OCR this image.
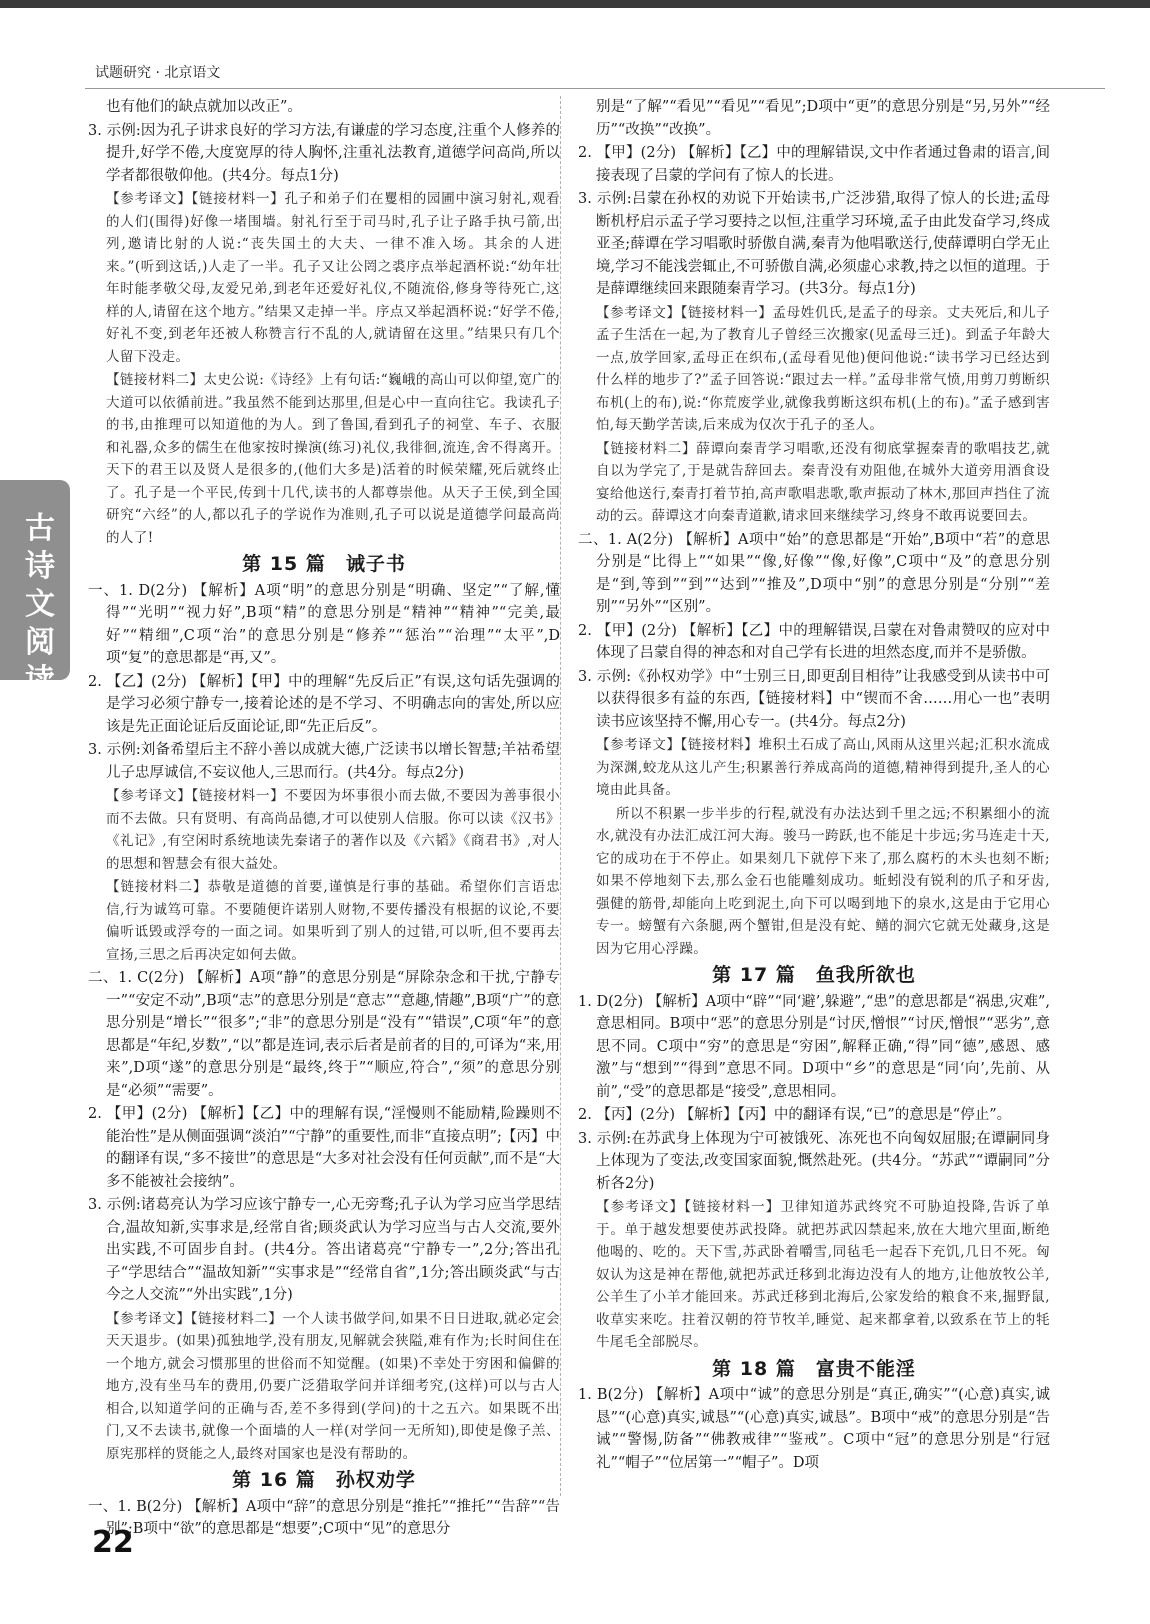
试题研究 · 北京语文
古诗文阅读
也有他们的缺点就加以改正”。
3. 示例:因为孔子讲求良好的学习方法,有谦虚的学习态度,注重个人修养的提升,好学不倦,大度宽厚的待人胸怀,注重礼法教育,道德学问高尚,所以学者都很敬仰他。(共4分。每点1分)
【参考译文】【链接材料一】孔子和弟子们在矍相的园圃中演习射礼,观看的人们(围得)好像一堵围墙。射礼行至于司马时,孔子让子路手执弓箭,出列,邀请比射的人说:“丧失国土的大夫、一律不准入场。其余的人进来。”(听到这话,)人走了一半。孔子又让公罔之裘序点举起酒杯说:“幼年壮年时能孝敬父母,友爱兄弟,到老年还爱好礼仪,不随流俗,修身等待死亡,这样的人,请留在这个地方。”结果又走掉一半。序点又举起酒杯说:“好学不倦,好礼不变,到老年还被人称赞言行不乱的人,就请留在这里。”结果只有几个人留下没走。
【链接材料二】太史公说:《诗经》上有句话:“巍峨的高山可以仰望,宽广的大道可以依循前进。”我虽然不能到达那里,但是心中一直向往它。我读孔子的书,由推理可以知道他的为人。到了鲁国,看到孔子的祠堂、车子、衣服和礼器,众多的儒生在他家按时操演(练习)礼仪,我徘徊,流连,舍不得离开。天下的君王以及贤人是很多的,(他们大多是)活着的时候荣耀,死后就终止了。孔子是一个平民,传到十几代,读书的人都尊崇他。从天子王侯,到全国研究“六经”的人,都以孔子的学说作为准则,孔子可以说是道德学问最高尚的人了!
第 15 篇　诫子书
一、1. D(2分) 【解析】A项“明”的意思分别是“明确、坚定”“了解,懂得”“光明”“视力好”,B项“精”的意思分别是“精神”“精神”“完美,最好”“精细”,C项“治”的意思分别是“修养”“惩治”“治理”“太平”,D项“复”的意思都是“再,又”。
2. 【乙】(2分) 【解析】【甲】中的理解“先反后正”有误,这句话先强调的是学习必须宁静专一,接着论述的是不学习、不明确志向的害处,所以应该是先正面论证后反面论证,即“先正后反”。
3. 示例:刘备希望后主不辞小善以成就大德,广泛读书以增长智慧;羊祜希望儿子忠厚诚信,不妄议他人,三思而行。(共4分。每点2分)
【参考译文】【链接材料一】不要因为坏事很小而去做,不要因为善事很小而不去做。只有贤明、有高尚品德,才可以使别人信服。你可以读《汉书》《礼记》,有空闲时系统地读先秦诸子的著作以及《六韬》《商君书》,对人的思想和智慧会有很大益处。
【链接材料二】恭敬是道德的首要,谨慎是行事的基础。希望你们言语忠信,行为诚笃可靠。不要随便许诺别人财物,不要传播没有根据的议论,不要偏听诋毁或浮夸的一面之词。如果听到了别人的过错,可以听,但不要再去宣扬,三思之后再决定如何去做。
二、1. C(2分) 【解析】A项“静”的意思分别是“屏除杂念和干扰,宁静专一”“安定不动”,B项“志”的意思分别是“意志”“意趣,情趣”,B项“广”的意思分别是“增长”“很多”;“非”的意思分别是“没有”“错误”,C项“年”的意思都是“年纪,岁数”,“以”都是连词,表示后者是前者的目的,可译为“来,用来”,D项“遂”的意思分别是“最终,终于”“顺应,符合”,“须”的意思分别是“必须”“需要”。
2. 【甲】(2分) 【解析】【乙】中的理解有误,“淫慢则不能励精,险躁则不能治性”是从侧面强调“淡泊”“宁静”的重要性,而非“直接点明”;【丙】中的翻译有误,“多不接世”的意思是“大多对社会没有任何贡献”,而不是“大多不能被社会接纳”。
3. 示例:诸葛亮认为学习应该宁静专一,心无旁骛;孔子认为学习应当学思结合,温故知新,实事求是,经常自省;顾炎武认为学习应当与古人交流,要外出实践,不可固步自封。(共4分。答出诸葛亮“宁静专一”,2分;答出孔子“学思结合”“温故知新”“实事求是”“经常自省”,1分;答出顾炎武“与古今之人交流”“外出实践”,1分)
【参考译文】【链接材料二】一个人读书做学问,如果不日日进取,就必定会天天退步。(如果)孤独地学,没有朋友,见解就会狭隘,难有作为;长时间住在一个地方,就会习惯那里的世俗而不知觉醒。(如果)不幸处于穷困和偏僻的地方,没有坐马车的费用,仍要广泛猎取学问并详细考究,(这样)可以与古人相合,以知道学问的正确与否,差不多得到(学问)的十之五六。如果既不出门,又不去读书,就像一个面墙的人一样(对学问一无所知),即使是像子羔、原宪那样的贤能之人,最终对国家也是没有帮助的。
第 16 篇　孙权劝学
一、1. B(2分) 【解析】A项中“辞”的意思分别是“推托”“推托”“告辞”“告别”;B项中“欲”的意思都是“想要”;C项中“见”的意思分
别是“了解”“看见”“看见”“看见”;D项中“更”的意思分别是“另,另外”“经历”“改换”“改换”。
2. 【甲】(2分) 【解析】【乙】中的理解错误,文中作者通过鲁肃的语言,间接表现了吕蒙的学问有了惊人的长进。
3. 示例:吕蒙在孙权的劝说下开始读书,广泛涉猎,取得了惊人的长进;孟母断机杼启示孟子学习要持之以恒,注重学习环境,孟子由此发奋学习,终成亚圣;薛谭在学习唱歌时骄傲自满,秦青为他唱歌送行,使薛谭明白学无止境,学习不能浅尝辄止,不可骄傲自满,必须虚心求教,持之以恒的道理。于是薛谭继续回来跟随秦青学习。(共3分。每点1分)
【参考译文】【链接材料一】孟母姓仉氏,是孟子的母亲。丈夫死后,和儿子孟子生活在一起,为了教育儿子曾经三次搬家(见孟母三迁)。到孟子年龄大一点,放学回家,孟母正在织布,(孟母看见他)便问他说:“读书学习已经达到什么样的地步了?”孟子回答说:“跟过去一样。”孟母非常气愤,用剪刀剪断织布机(上的布),说:“你荒废学业,就像我剪断这织布机(上的布)。”孟子感到害怕,每天勤学苦读,后来成为仅次于孔子的圣人。
【链接材料二】薛谭向秦青学习唱歌,还没有彻底掌握秦青的歌唱技艺,就自以为学完了,于是就告辞回去。秦青没有劝阻他,在城外大道旁用酒食设宴给他送行,秦青打着节拍,高声歌唱悲歌,歌声振动了林木,那回声挡住了流动的云。薛谭这才向秦青道歉,请求回来继续学习,终身不敢再说要回去。
二、1. A(2分) 【解析】A项中“始”的意思都是“开始”,B项中“若”的意思分别是“比得上”“如果”“像,好像”“像,好像”,C项中“及”的意思分别是“到,等到”“到”“达到”“推及”,D项中“别”的意思分别是“分别”“差别”“另外”“区别”。
2. 【甲】(2分) 【解析】【乙】中的理解错误,吕蒙在对鲁肃赞叹的应对中体现了吕蒙自得的神态和对自己学有长进的坦然态度,而并不是骄傲。
3. 示例:《孙权劝学》中“士别三日,即更刮目相待”让我感受到从读书中可以获得很多有益的东西,【链接材料】中“锲而不舍……用心一也”表明读书应该坚持不懈,用心专一。(共4分。每点2分)
【参考译文】【链接材料】堆积土石成了高山,风雨从这里兴起;汇积水流成为深渊,蛟龙从这儿产生;积累善行养成高尚的道德,精神得到提升,圣人的心境由此具备。
所以不积累一步半步的行程,就没有办法达到千里之远;不积累细小的流水,就没有办法汇成江河大海。骏马一跨跃,也不能足十步远;劣马连走十天,它的成功在于不停止。如果刻几下就停下来了,那么腐朽的木头也刻不断;如果不停地刻下去,那么金石也能雕刻成功。蚯蚓没有锐利的爪子和牙齿,强健的筋骨,却能向上吃到泥土,向下可以喝到地下的泉水,这是由于它用心专一。螃蟹有六条腿,两个蟹钳,但是没有蛇、鳝的洞穴它就无处藏身,这是因为它用心浮躁。
第 17 篇　鱼我所欲也
1. D(2分) 【解析】A项中“辟”“同‘避’,躲避”,“患”的意思都是“祸患,灾难”,意思相同。B项中“恶”的意思分别是“讨厌,憎恨”“讨厌,憎恨”“恶劣”,意思不同。C项中“穷”的意思是“穷困”,解释正确,“得”同“德”,感恩、感激”与“想到”“得到”意思不同。D项中“乡”的意思是“同‘向’,先前、从前”,“受”的意思都是“接受”,意思相同。
2. 【丙】(2分) 【解析】【丙】中的翻译有误,“已”的意思是“停止”。
3. 示例:在苏武身上体现为宁可被饿死、冻死也不向匈奴屈服;在谭嗣同身上体现为了变法,改变国家面貌,慨然赴死。(共4分。“苏武”“谭嗣同”分析各2分)
【参考译文】【链接材料一】卫律知道苏武终究不可胁迫投降,告诉了单于。单于越发想要使苏武投降。就把苏武囚禁起来,放在大地穴里面,断绝他喝的、吃的。天下雪,苏武卧着嚼雪,同毡毛一起吞下充饥,几日不死。匈奴认为这是神在帮他,就把苏武迁移到北海边没有人的地方,让他放牧公羊,公羊生了小羊才能回来。苏武迁移到北海后,公家发给的粮食不来,掘野鼠,收草实来吃。拄着汉朝的符节牧羊,睡觉、起来都拿着,以致系在节上的牦牛尾毛全部脱尽。
第 18 篇　富贵不能淫
1. B(2分) 【解析】A项中“诚”的意思分别是“真正,确实”“(心意)真实,诚恳”“(心意)真实,诚恳”“(心意)真实,诚恳”。B项中“戒”的意思分别是“告诫”“警惕,防备”“佛教戒律”“鉴戒”。C项中“冠”的意思分别是“行冠礼”“帽子”“位居第一”“帽子”。D项
22
